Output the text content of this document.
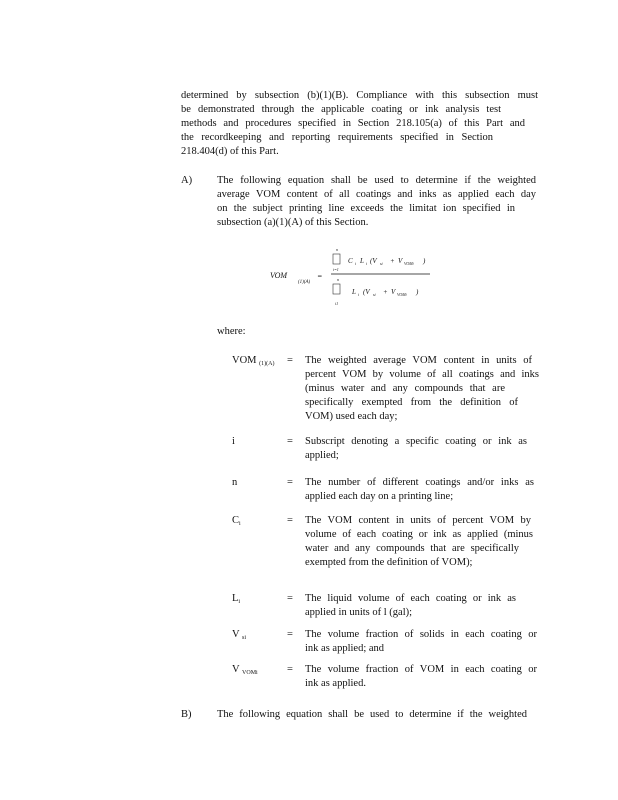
determined by subsection (b)(1)(B). Compliance with this subsection must
be demonstrated through the applicable coating or ink analysis test
methods and procedures specified in Section 218.105(a) of this Part and
the recordkeeping and reporting requirements specified in Section
218.404(d) of this Part.
A) The following equation shall be used to determine if the weighted
average VOM content of all coatings and inks as applied each day
on the subject printing line exceeds the limitat ion specified in
subsection (a)(1)(A) of this Section.
VOM
(1)(A)
=
n
i=1
C i L i (V si + V VOMi )
n
i1
L i (V si + V VOMi )
where:
VOM $_{(1)(A)}$ = The weighted average VOM content in units of
percent VOM by volume of all coatings and inks
(minus water and any compounds that are
specifically exempted from the definition of
VOM) used each day;
i	= Subscript denoting a specific coating or ink as
applied;
n	= The number of different coatings and/or inks as
applied each day on a printing line;
$C_i$	= The VOM content in units of percent VOM by
volume of each coating or ink as applied (minus
water and any compounds that are specifically
exempted from the definition of VOM);
$L_i$	= The liquid volume of each coating or ink as
applied in units of l (gal);
V $_{si}$	= The volume fraction of solids in each coating or
ink as applied; and
V $_{VOMi}$	= The volume fraction of VOM in each coating or
ink as applied.
B) The following equation shall be used to determine if the weighted
